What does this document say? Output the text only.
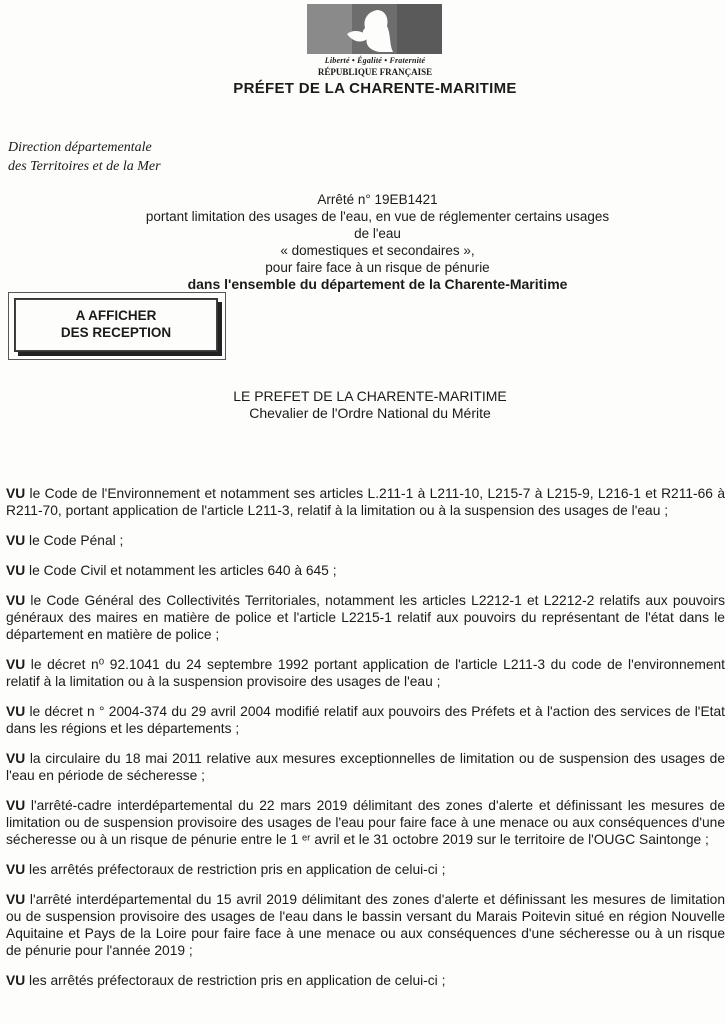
Liberté • Égalité • Fraternité
RÉPUBLIQUE FRANÇAISE
PRÉFET DE LA CHARENTE-MARITIME
Direction départementale
des Territoires et de la Mer
Arrêté n° 19EB1421
portant limitation des usages de l'eau, en vue de réglementer certains usages de l'eau
« domestiques et secondaires »,
pour faire face à un risque de pénurie
dans l'ensemble du département de la Charente-Maritime
A AFFICHER
DES RECEPTION
LE PREFET DE LA CHARENTE-MARITIME
Chevalier de l'Ordre National du Mérite

VU le Code de l'Environnement et notamment ses articles L.211-1 à L211-10, L215-7 à L215-9, L216-1 et R211-66 à R211-70, portant application de l'article L211-3, relatif à la limitation ou à la suspension des usages de l'eau ;

VU le Code Pénal ;

VU le Code Civil et notamment les articles 640 à 645 ;

VU le Code Général des Collectivités Territoriales, notamment les articles L2212-1 et L2212-2 relatifs aux pouvoirs généraux des maires en matière de police et l'article L2215-1 relatif aux pouvoirs du représentant de l'état dans le département en matière de police ;

VU le décret n⁰ 92.1041 du 24 septembre 1992 portant application de l'article L211-3 du code de l'environnement relatif à la limitation ou à la suspension provisoire des usages de l'eau ;

VU le décret n ° 2004-374 du 29 avril 2004 modifié relatif aux pouvoirs des Préfets et à l'action des services de l'Etat dans les régions et les départements ;

VU la circulaire du 18 mai 2011 relative aux mesures exceptionnelles de limitation ou de suspension des usages de l'eau en période de sécheresse ;

VU l'arrêté-cadre interdépartemental du 22 mars 2019 délimitant des zones d'alerte et définissant les mesures de limitation ou de suspension provisoire des usages de l'eau pour faire face à une menace ou aux conséquences d'une sécheresse ou à un risque de pénurie entre le 1 ᵉʳ avril et le 31 octobre 2019 sur le territoire de l'OUGC Saintonge ;

VU les arrêtés préfectoraux de restriction pris en application de celui-ci ;

VU l'arrêté interdépartemental du 15 avril 2019 délimitant des zones d'alerte et définissant les mesures de limitation ou de suspension provisoire des usages de l'eau dans le bassin versant du Marais Poitevin situé en région Nouvelle Aquitaine et Pays de la Loire pour faire face à une menace ou aux conséquences d'une sécheresse ou à un risque de pénurie pour l'année 2019 ;

VU les arrêtés préfectoraux de restriction pris en application de celui-ci ;
